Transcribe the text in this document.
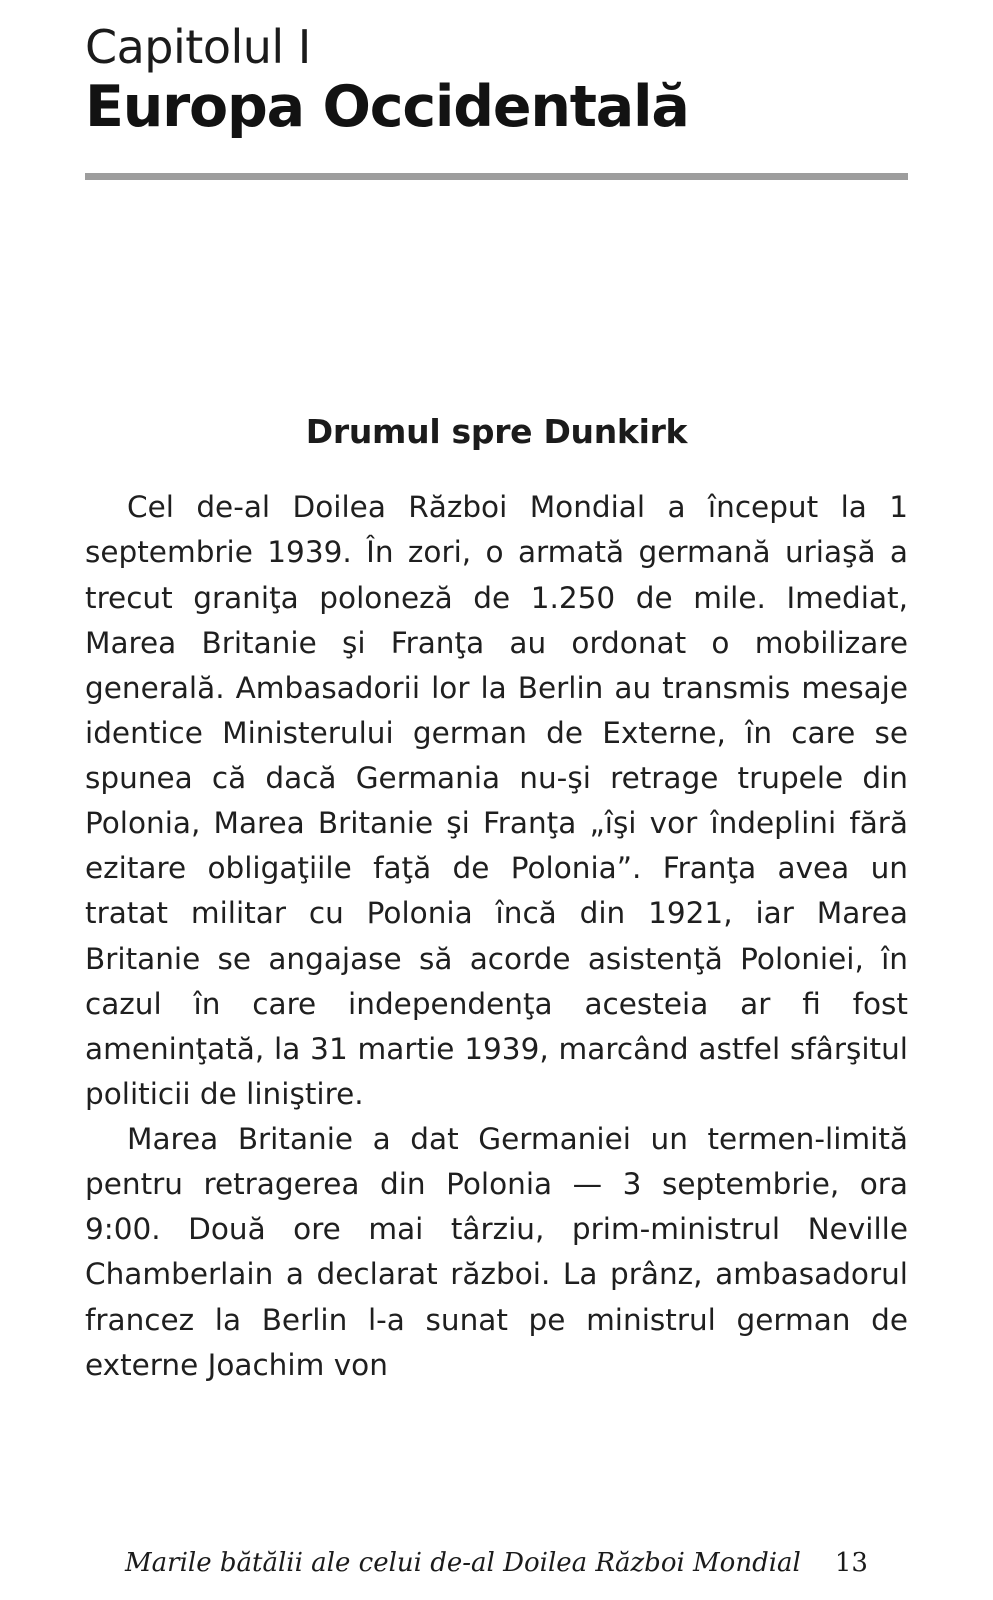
Capitolul I
Europa Occidentală
Drumul spre Dunkirk

Cel de-al Doilea Război Mondial a început la 1 septembrie 1939. În zori, o armată germană uriaşă a trecut graniţa poloneză de 1.250 de mile. Imediat, Marea Britanie şi Franţa au ordonat o mobilizare generală. Ambasadorii lor la Berlin au transmis mesaje identice Ministerului german de Externe, în care se spunea că dacă Germania nu-şi retrage trupele din Polonia, Marea Britanie şi Franţa „îşi vor îndeplini fără ezitare obligaţiile faţă de Polonia”. Franţa avea un tratat militar cu Polonia încă din 1921, iar Marea Britanie se angajase să acorde asistenţă Poloniei, în cazul în care independenţa acesteia ar fi fost ameninţată, la 31 martie 1939, marcând astfel sfârşitul politicii de liniştire.

Marea Britanie a dat Germaniei un termen-limită pentru retragerea din Polonia — 3 septembrie, ora 9:00. Două ore mai târziu, prim-ministrul Neville Chamberlain a declarat război. La prânz, ambasadorul francez la Berlin l-a sunat pe ministrul german de externe Joachim von

Marile bătălii ale celui de-al Doilea Război Mondial 13
